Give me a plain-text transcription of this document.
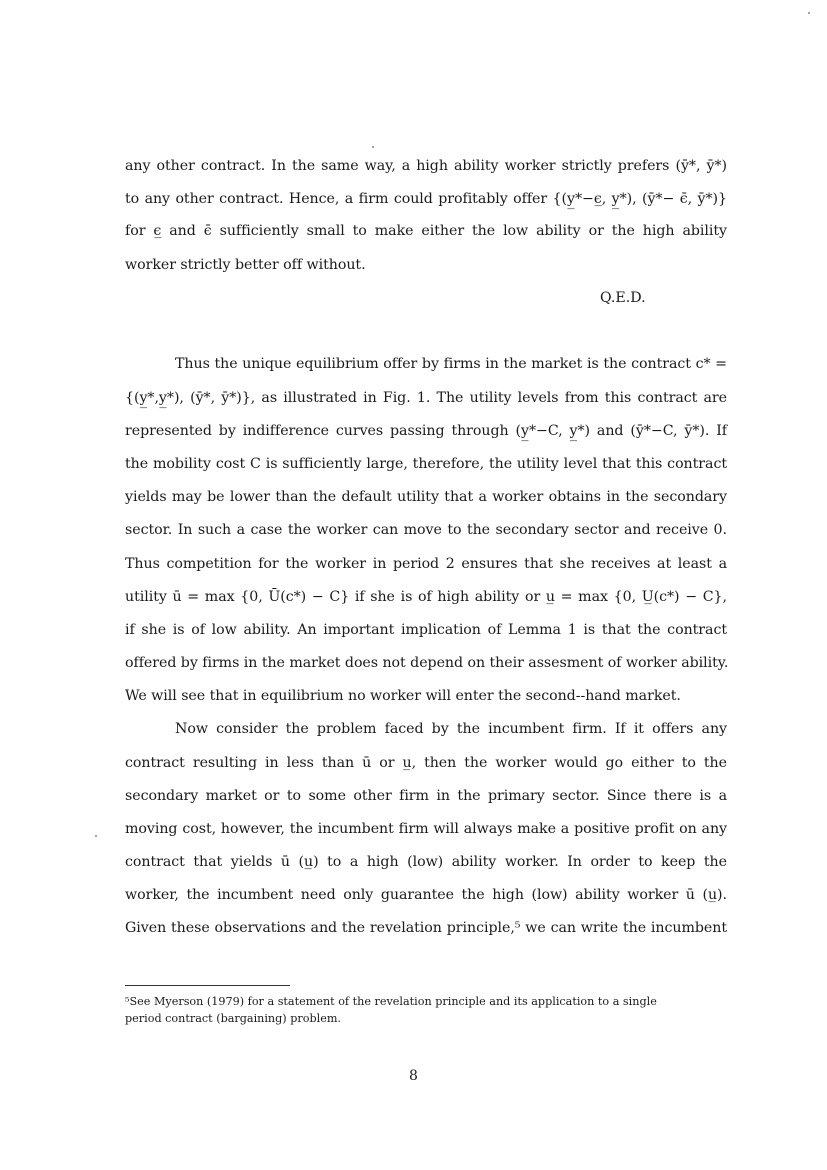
any other contract. In the same way, a high ability worker strictly prefers (ȳ*, ȳ*)
to any other contract. Hence, a firm could profitably offer {(y̲*−ϵ̲, y̲*), (ȳ*− ϵ̄, ȳ*)}
for ϵ̲ and ϵ̄ sufficiently small to make either the low ability or the high ability
worker strictly better off without.
Q.E.D.
Thus the unique equilibrium offer by firms in the market is the contract c* =
{(y̲*,y̲*), (ȳ*, ȳ*)}, as illustrated in Fig. 1. The utility levels from this contract are
represented by indifference curves passing through (y̲*−C, y̲*) and (ȳ*−C, ȳ*). If
the mobility cost C is sufficiently large, therefore, the utility level that this contract
yields may be lower than the default utility that a worker obtains in the secondary
sector. In such a case the worker can move to the secondary sector and receive 0.
Thus competition for the worker in period 2 ensures that she receives at least a
utility ū = max {0, Ū(c*) − C} if she is of high ability or u̲ = max {0, U̲(c*) − C},
if she is of low ability. An important implication of Lemma 1 is that the contract
offered by firms in the market does not depend on their assesment of worker ability.
We will see that in equilibrium no worker will enter the second--hand market.
Now consider the problem faced by the incumbent firm. If it offers any
contract resulting in less than ū or u̲, then the worker would go either to the
secondary market or to some other firm in the primary sector. Since there is a
moving cost, however, the incumbent firm will always make a positive profit on any
contract that yields ū (u̲) to a high (low) ability worker. In order to keep the
worker, the incumbent need only guarantee the high (low) ability worker ū (u̲).
Given these observations and the revelation principle,⁵ we can write the incumbent
⁵See Myerson (1979) for a statement of the revelation principle and its application to a single
period contract (bargaining) problem.
8
